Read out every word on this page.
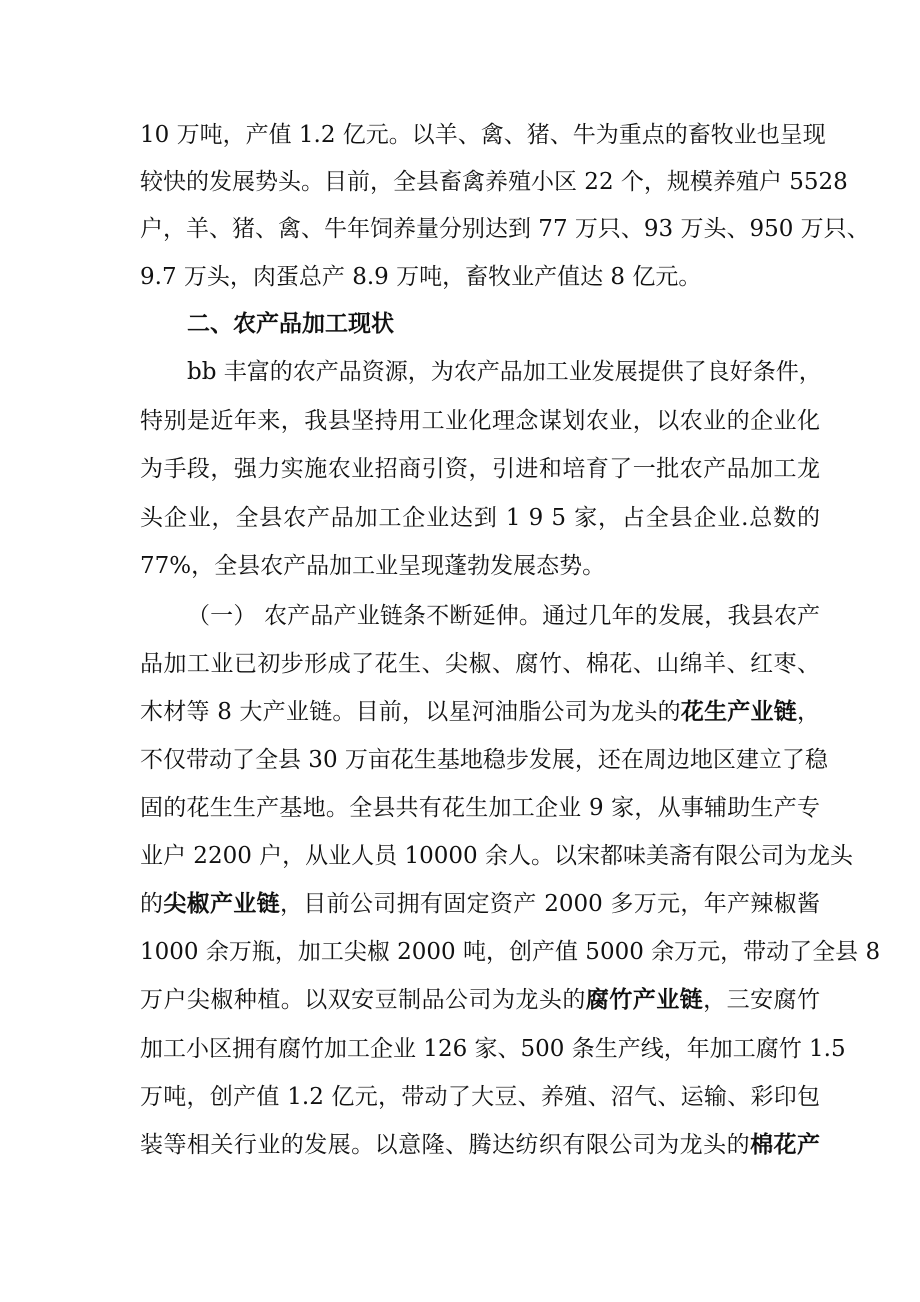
10 万吨，产值 1.2 亿元。以羊、禽、猪、牛为重点的畜牧业也呈现
较快的发展势头。目前，全县畜禽养殖小区 22 个，规模养殖户 5528
户，羊、猪、禽、牛年饲养量分别达到 77 万只、93 万头、950 万只、
9.7 万头，肉蛋总产 8.9 万吨，畜牧业产值达 8 亿元。
二、农产品加工现状
bb 丰富的农产品资源，为农产品加工业发展提供了良好条件，
特别是近年来，我县坚持用工业化理念谋划农业，以农业的企业化
为手段，强力实施农业招商引资，引进和培育了一批农产品加工龙
头企业，全县农产品加工企业达到 1 9 5 家，占全县企业.总数的
77%，全县农产品加工业呈现蓬勃发展态势。
（一） 农产品产业链条不断延伸。通过几年的发展，我县农产
品加工业已初步形成了花生、尖椒、腐竹、棉花、山绵羊、红枣、
木材等 8 大产业链。目前，以星河油脂公司为龙头的花生产业链，
不仅带动了全县 30 万亩花生基地稳步发展，还在周边地区建立了稳
固的花生生产基地。全县共有花生加工企业 9 家，从事辅助生产专
业户 2200 户，从业人员 10000 余人。以宋都味美斋有限公司为龙头
的尖椒产业链，目前公司拥有固定资产 2000 多万元，年产辣椒酱
1000 余万瓶，加工尖椒 2000 吨，创产值 5000 余万元，带动了全县 8
万户尖椒种植。以双安豆制品公司为龙头的腐竹产业链，三安腐竹
加工小区拥有腐竹加工企业 126 家、500 条生产线，年加工腐竹 1.5
万吨，创产值 1.2 亿元，带动了大豆、养殖、沼气、运输、彩印包
装等相关行业的发展。以意隆、腾达纺织有限公司为龙头的棉花产
